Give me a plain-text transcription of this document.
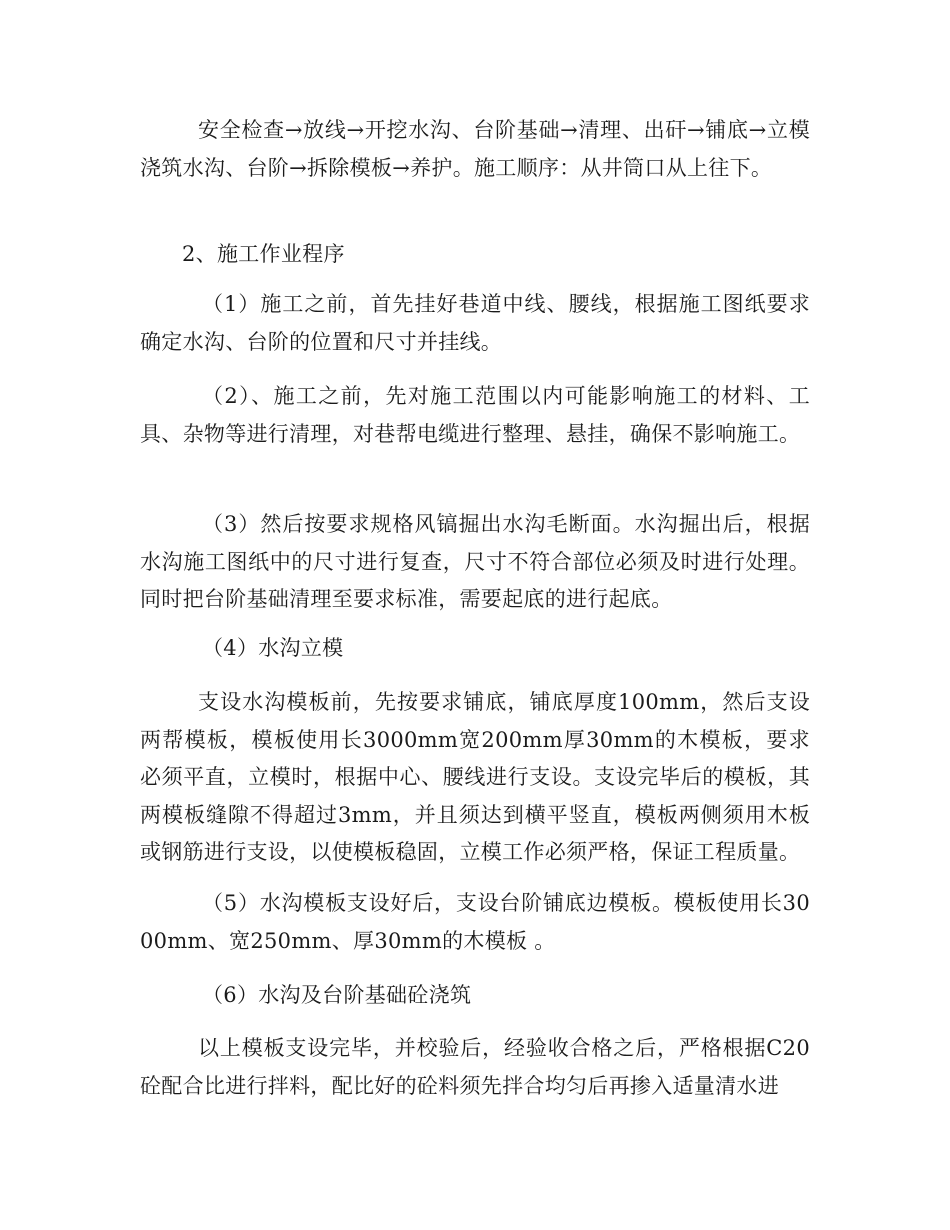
安全检查→放线→开挖水沟、台阶基础→清理、出矸→铺底→立模浇筑水沟、台阶→拆除模板→养护。施工顺序：从井筒口从上往下。

2、施工作业程序

（1）施工之前，首先挂好巷道中线、腰线，根据施工图纸要求确定水沟、台阶的位置和尺寸并挂线。

（2）、施工之前，先对施工范围以内可能影响施工的材料、工具、杂物等进行清理，对巷帮电缆进行整理、悬挂，确保不影响施工。

（3）然后按要求规格风镐掘出水沟毛断面。水沟掘出后，根据水沟施工图纸中的尺寸进行复查，尺寸不符合部位必须及时进行处理。同时把台阶基础清理至要求标准，需要起底的进行起底。

（4）水沟立模

支设水沟模板前，先按要求铺底，铺底厚度100mm，然后支设两帮模板，模板使用长3000mm宽200mm厚30mm的木模板，要求必须平直，立模时，根据中心、腰线进行支设。支设完毕后的模板，其两模板缝隙不得超过3mm，并且须达到横平竖直，模板两侧须用木板或钢筋进行支设，以使模板稳固，立模工作必须严格，保证工程质量。

（5）水沟模板支设好后，支设台阶铺底边模板。模板使用长3000mm、宽250mm、厚30mm的木模板 。

（6）水沟及台阶基础砼浇筑

以上模板支设完毕，并校验后，经验收合格之后，严格根据C20砼配合比进行拌料，配比好的砼料须先拌合均匀后再掺入适量清水进
